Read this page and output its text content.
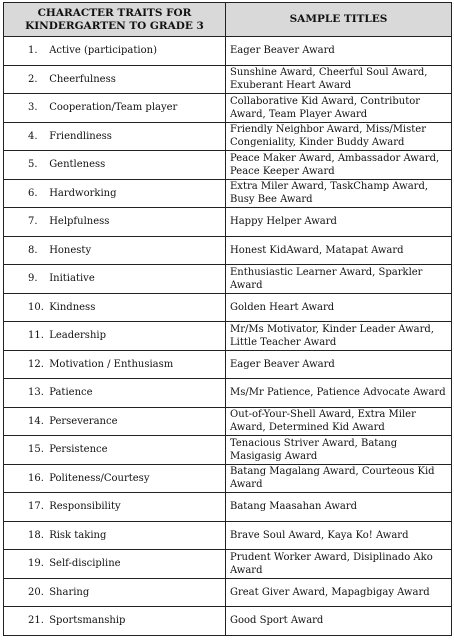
CHARACTER TRAITS FOR
KINDERGARTEN TO GRADE 3	SAMPLE TITLES
1. Active (participation)	Eager Beaver Award
2. Cheerfulness	Sunshine Award, Cheerful Soul Award, Exuberant Heart Award
3. Cooperation/Team player	Collaborative Kid Award, Contributor Award, Team Player Award
4. Friendliness	Friendly Neighbor Award, Miss/Mister Congeniality, Kinder Buddy Award
5. Gentleness	Peace Maker Award, Ambassador Award, Peace Keeper Award
6. Hardworking	Extra Miler Award, TaskChamp Award, Busy Bee Award
7. Helpfulness	Happy Helper Award
8. Honesty	Honest KidAward, Matapat Award
9. Initiative	Enthusiastic Learner Award, Sparkler Award
10. Kindness	Golden Heart Award
11. Leadership	Mr/Ms Motivator, Kinder Leader Award, Little Teacher Award
12. Motivation / Enthusiasm	Eager Beaver Award
13. Patience	Ms/Mr Patience, Patience Advocate Award
14. Perseverance	Out-of-Your-Shell Award, Extra Miler Award, Determined Kid Award
15. Persistence	Tenacious Striver Award, Batang Masigasig Award
16. Politeness/Courtesy	Batang Magalang Award, Courteous Kid Award
17. Responsibility	Batang Maasahan Award
18. Risk taking	Brave Soul Award, Kaya Ko! Award
19. Self-discipline	Prudent Worker Award, Disiplinado Ako Award
20. Sharing	Great Giver Award, Mapagbigay Award
21. Sportsmanship	Good Sport Award
